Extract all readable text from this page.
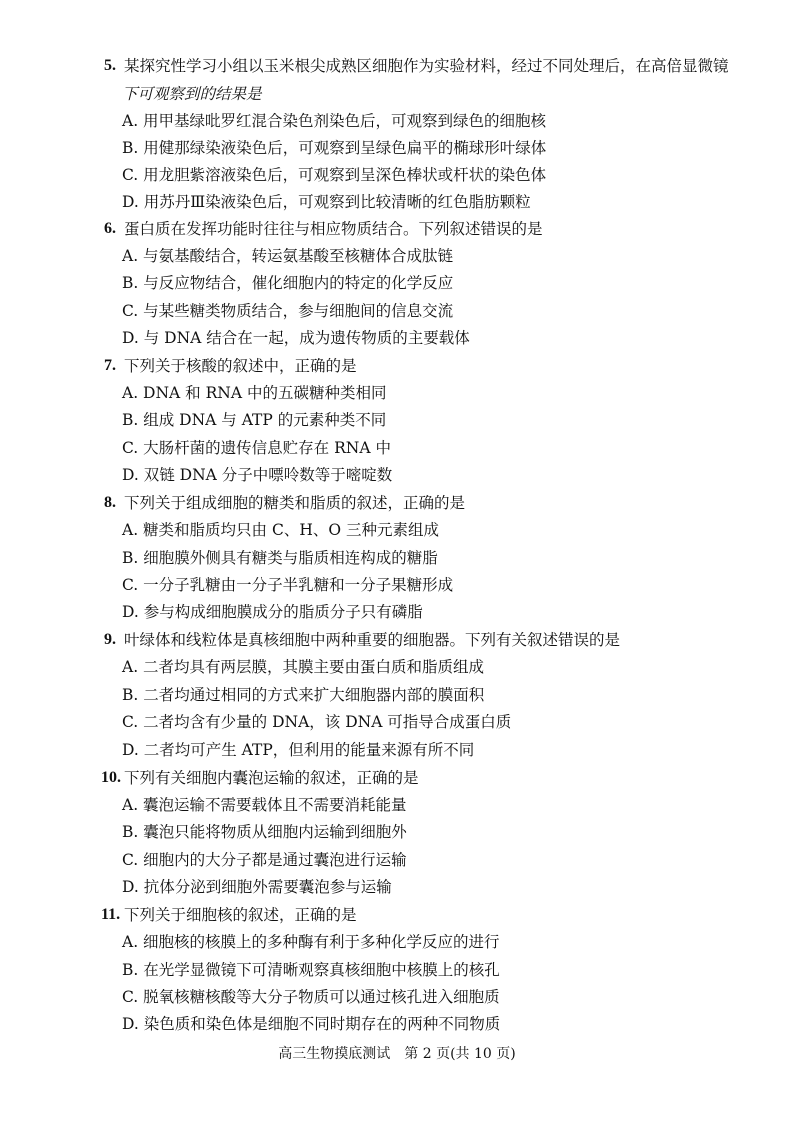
5. 某探究性学习小组以玉米根尖成熟区细胞作为实验材料，经过不同处理后，在高倍显微镜
下可观察到的结果是
A. 用甲基绿吡罗红混合染色剂染色后，可观察到绿色的细胞核
B. 用健那绿染液染色后，可观察到呈绿色扁平的椭球形叶绿体
C. 用龙胆紫溶液染色后，可观察到呈深色棒状或杆状的染色体
D. 用苏丹Ⅲ染液染色后，可观察到比较清晰的红色脂肪颗粒
6. 蛋白质在发挥功能时往往与相应物质结合。下列叙述错误的是
A. 与氨基酸结合，转运氨基酸至核糖体合成肽链
B. 与反应物结合，催化细胞内的特定的化学反应
C. 与某些糖类物质结合，参与细胞间的信息交流
D. 与 DNA 结合在一起，成为遗传物质的主要载体
7. 下列关于核酸的叙述中，正确的是
A. DNA 和 RNA 中的五碳糖种类相同
B. 组成 DNA 与 ATP 的元素种类不同
C. 大肠杆菌的遗传信息贮存在 RNA 中
D. 双链 DNA 分子中嘌呤数等于嘧啶数
8. 下列关于组成细胞的糖类和脂质的叙述，正确的是
A. 糖类和脂质均只由 C、H、O 三种元素组成
B. 细胞膜外侧具有糖类与脂质相连构成的糖脂
C. 一分子乳糖由一分子半乳糖和一分子果糖形成
D. 参与构成细胞膜成分的脂质分子只有磷脂
9. 叶绿体和线粒体是真核细胞中两种重要的细胞器。下列有关叙述错误的是
A. 二者均具有两层膜，其膜主要由蛋白质和脂质组成
B. 二者均通过相同的方式来扩大细胞器内部的膜面积
C. 二者均含有少量的 DNA，该 DNA 可指导合成蛋白质
D. 二者均可产生 ATP，但利用的能量来源有所不同
10. 下列有关细胞内囊泡运输的叙述，正确的是
A. 囊泡运输不需要载体且不需要消耗能量
B. 囊泡只能将物质从细胞内运输到细胞外
C. 细胞内的大分子都是通过囊泡进行运输
D. 抗体分泌到细胞外需要囊泡参与运输
11. 下列关于细胞核的叙述，正确的是
A. 细胞核的核膜上的多种酶有利于多种化学反应的进行
B. 在光学显微镜下可清晰观察真核细胞中核膜上的核孔
C. 脱氧核糖核酸等大分子物质可以通过核孔进入细胞质
D. 染色质和染色体是细胞不同时期存在的两种不同物质
高三生物摸底测试　第 2 页(共 10 页)
